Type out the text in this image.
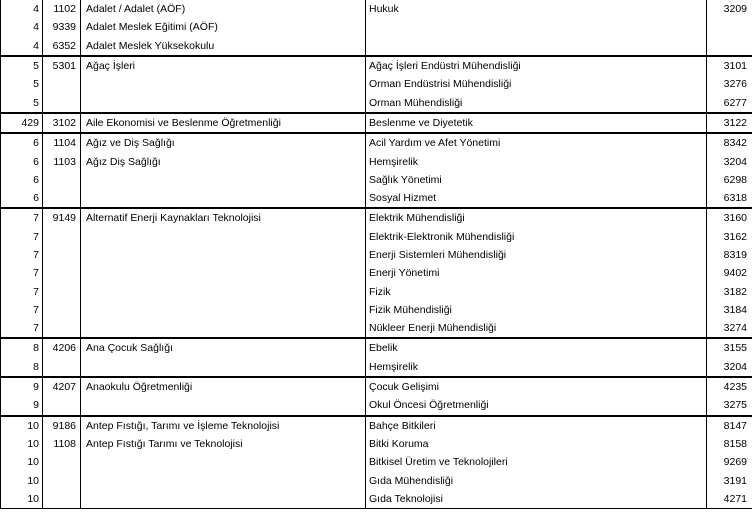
4	1102	Adalet / Adalet (AÖF)	Hukuk	3209
4	9339	Adalet Meslek Eğitimi (AÖF)		
4	6352	Adalet Meslek Yüksekokulu		
5	5301	Ağaç İşleri	Ağaç İşleri Endüstri Mühendisliği	3101
5			Orman Endüstrisi Mühendisliği	3276
5			Orman Mühendisliği	6277
429	3102	Aile Ekonomisi ve Beslenme Öğretmenliği	Beslenme ve Diyetetik	3122
6	1104	Ağız ve Diş Sağlığı	Acil Yardım ve Afet Yönetimi	8342
6	1103	Ağız Diş Sağlığı	Hemşirelik	3204
6			Sağlık Yönetimi	6298
6			Sosyal Hizmet	6318
7	9149	Alternatif Enerji Kaynakları Teknolojisi	Elektrik Mühendisliği	3160
7			Elektrik-Elektronik Mühendisliği	3162
7			Enerji Sistemleri Mühendisliği	8319
7			Enerji Yönetimi	9402
7			Fizik	3182
7			Fizik Mühendisliği	3184
7			Nükleer Enerji Mühendisliği	3274
8	4206	Ana Çocuk Sağlığı	Ebelik	3155
8			Hemşirelik	3204
9	4207	Anaokulu Öğretmenliği	Çocuk Gelişimi	4235
9			Okul Öncesi Öğretmenliği	3275
10	9186	Antep Fıstığı, Tarımı ve İşleme Teknolojisi	Bahçe Bitkileri	8147
10	1108	Antep Fıstığı Tarımı ve Teknolojisi	Bitki Koruma	8158
10			Bitkisel Üretim ve Teknolojileri	9269
10			Gıda Mühendisliği	3191
10			Gıda Teknolojisi	4271
